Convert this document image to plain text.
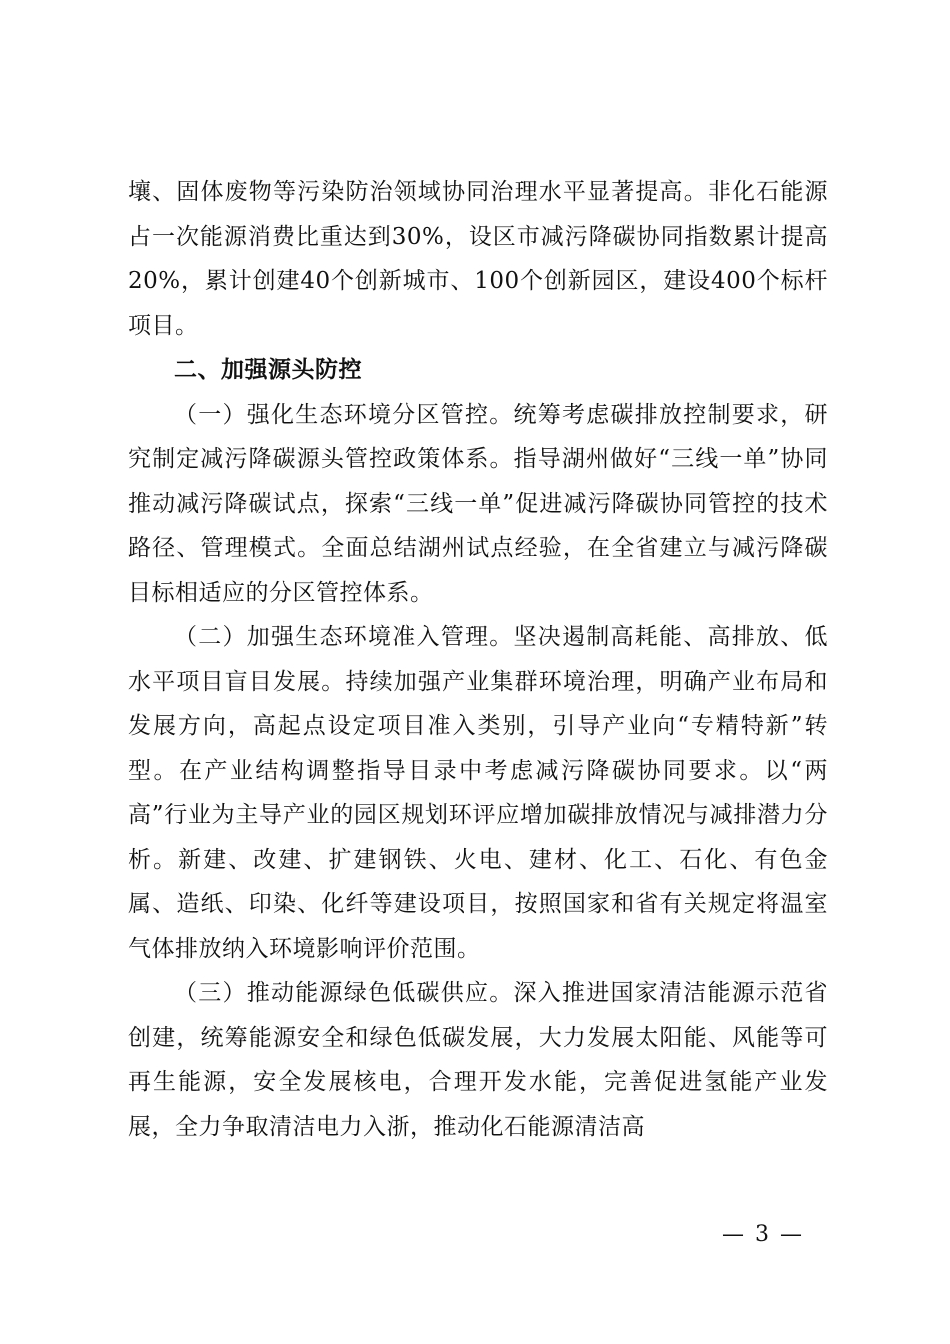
壤、固体废物等污染防治领域协同治理水平显著提高。非化石能源占一次能源消费比重达到30%，设区市减污降碳协同指数累计提高20%，累计创建40个创新城市、100个创新园区，建设400个标杆项目。

二、加强源头防控

（一）强化生态环境分区管控。统筹考虑碳排放控制要求，研究制定减污降碳源头管控政策体系。指导湖州做好“三线一单”协同推动减污降碳试点，探索“三线一单”促进减污降碳协同管控的技术路径、管理模式。全面总结湖州试点经验，在全省建立与减污降碳目标相适应的分区管控体系。

（二）加强生态环境准入管理。坚决遏制高耗能、高排放、低水平项目盲目发展。持续加强产业集群环境治理，明确产业布局和发展方向，高起点设定项目准入类别，引导产业向“专精特新”转型。在产业结构调整指导目录中考虑减污降碳协同要求。以“两高”行业为主导产业的园区规划环评应增加碳排放情况与减排潜力分析。新建、改建、扩建钢铁、火电、建材、化工、石化、有色金属、造纸、印染、化纤等建设项目，按照国家和省有关规定将温室气体排放纳入环境影响评价范围。

（三）推动能源绿色低碳供应。深入推进国家清洁能源示范省创建，统筹能源安全和绿色低碳发展，大力发展太阳能、风能等可再生能源，安全发展核电，合理开发水能，完善促进氢能产业发展，全力争取清洁电力入浙，推动化石能源清洁高

— 3 —
